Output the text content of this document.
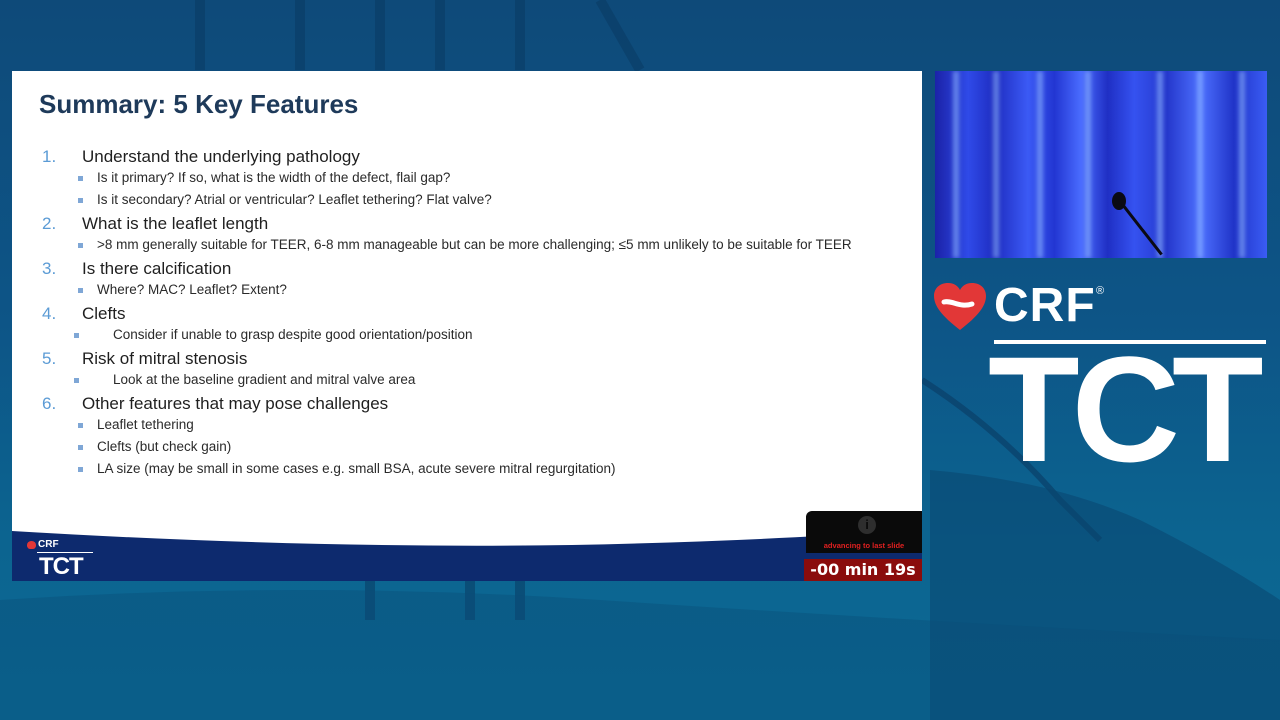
Summary: 5 Key Features
1.	Understand the underlying pathology
Is it primary? If so, what is the width of the defect, flail gap?
Is it secondary? Atrial or ventricular? Leaflet tethering? Flat valve?
2.	What is the leaflet length
>8 mm generally suitable for TEER, 6-8 mm manageable but can be more challenging; ≤5 mm unlikely to be suitable for TEER
3.	Is there calcification
Where? MAC? Leaflet? Extent?
4.	Clefts
Consider if unable to grasp despite good orientation/position
5.	Risk of mitral stenosis
Look at the baseline gradient and mitral valve area
6.	Other features that may pose challenges
Leaflet tethering
Clefts (but check gain)
LA size (may be small in some cases e.g. small BSA, acute severe mitral regurgitation)
CRF
TCT
i
advancing to last slide
-00 min 19s
CRF ®
TCT
